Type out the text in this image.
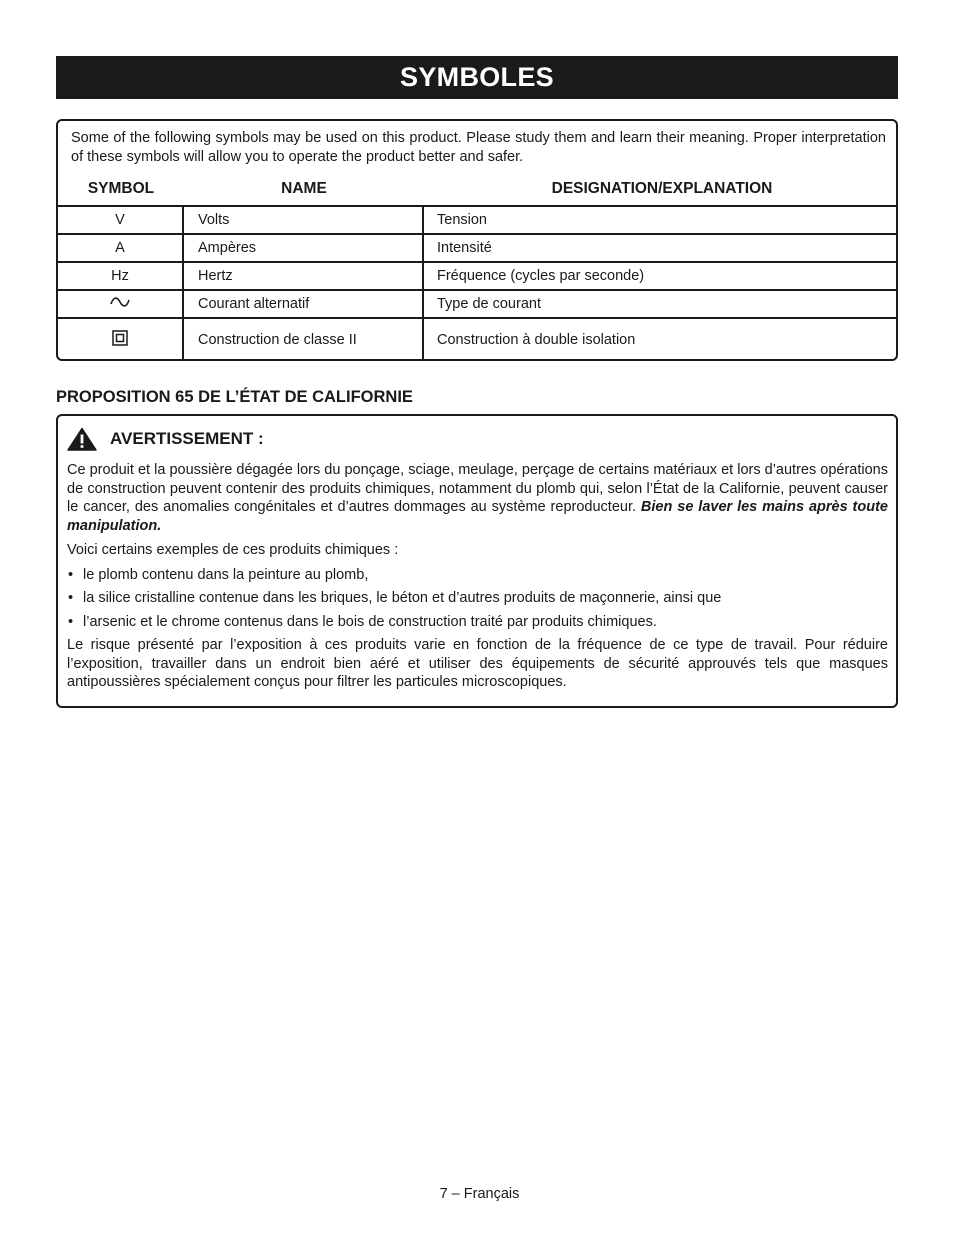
SYMBOLES
Some of the following symbols may be used on this product. Please study them and learn their meaning. Proper interpretation of these symbols will allow you to operate the product better and safer.
SYMBOL	NAME	DESIGNATION/EXPLANATION
V	Volts	Tension
A	Ampères	Intensité
Hz	Hertz	Fréquence (cycles par seconde)
	Courant alternatif	Type de courant
	Construction de classe II	Construction à double isolation
PROPOSITION 65 DE L’ÉTAT DE CALIFORNIE
AVERTISSEMENT :

Ce produit et la poussière dégagée lors du ponçage, sciage, meulage, perçage de certains matériaux et lors d’autres opérations de construction peuvent contenir des produits chimiques, notamment du plomb qui, selon l’État de la Californie, peuvent causer le cancer, des anomalies congénitales et d’autres dommages au système reproducteur. Bien se laver les mains après toute manipulation.

Voici certains exemples de ces produits chimiques :

• le plomb contenu dans la peinture au plomb,
• la silice cristalline contenue dans les briques, le béton et d’autres produits de maçonnerie, ainsi que
• l’arsenic et le chrome contenus dans le bois de construction traité par produits chimiques.

Le risque présenté par l’exposition à ces produits varie en fonction de la fréquence de ce type de travail. Pour réduire l’exposition, travailler dans un endroit bien aéré et utiliser des équipements de sécurité approuvés tels que masques antipoussières spécialement conçus pour filtrer les particules microscopiques.

7 – Français
